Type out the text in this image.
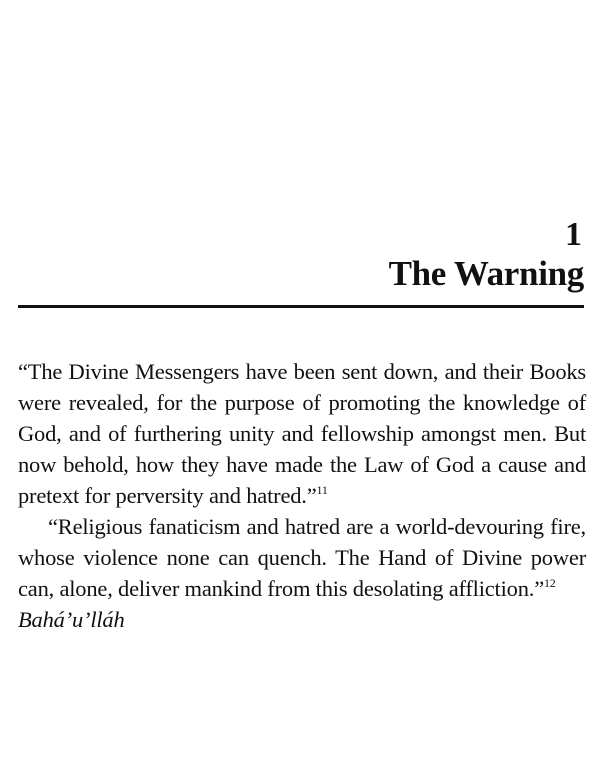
1
The Warning

“The Divine Messengers have been sent down, and their Books were revealed, for the purpose of promoting the knowledge of God, and of furthering unity and fellowship amongst men. But now behold, how they have made the Law of God a cause and pretext for perversity and hatred.”$^{11}$

“Religious fanaticism and hatred are a world-devouring fire, whose violence none can quench. The Hand of Divine power can, alone, deliver mankind from this desolating affliction.”$^{12}$

Bahá’u’lláh
